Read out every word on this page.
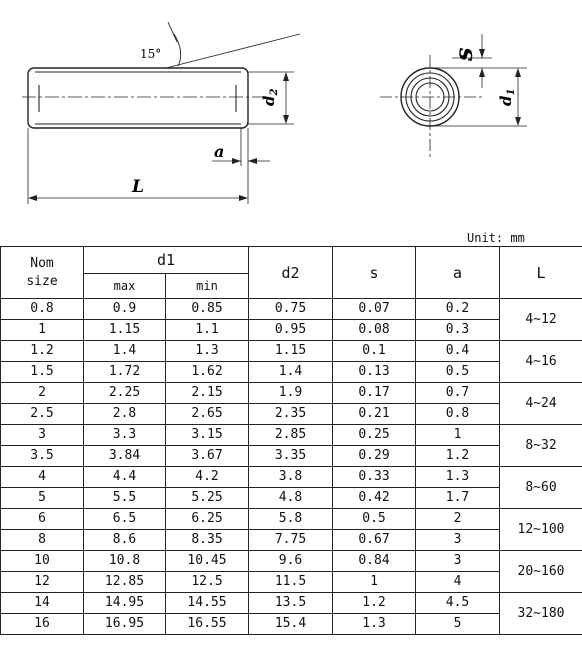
15°
$d_2$
a
L
s
$d_1$
Unit: mm
Nom
size	d1		d2	s	a	L
	max	min				
0.8	0.9	0.85	0.75	0.07	0.2	4~12
1	1.15	1.1	0.95	0.08	0.3	
1.2	1.4	1.3	1.15	0.1	0.4	4~16
1.5	1.72	1.62	1.4	0.13	0.5	
2	2.25	2.15	1.9	0.17	0.7	4~24
2.5	2.8	2.65	2.35	0.21	0.8	
3	3.3	3.15	2.85	0.25	1	8~32
3.5	3.84	3.67	3.35	0.29	1.2	
4	4.4	4.2	3.8	0.33	1.3	8~60
5	5.5	5.25	4.8	0.42	1.7	
6	6.5	6.25	5.8	0.5	2	12~100
8	8.6	8.35	7.75	0.67	3	
10	10.8	10.45	9.6	0.84	3	20~160
12	12.85	12.5	11.5	1	4	
14	14.95	14.55	13.5	1.2	4.5	32~180
16	16.95	16.55	15.4	1.3	5	
